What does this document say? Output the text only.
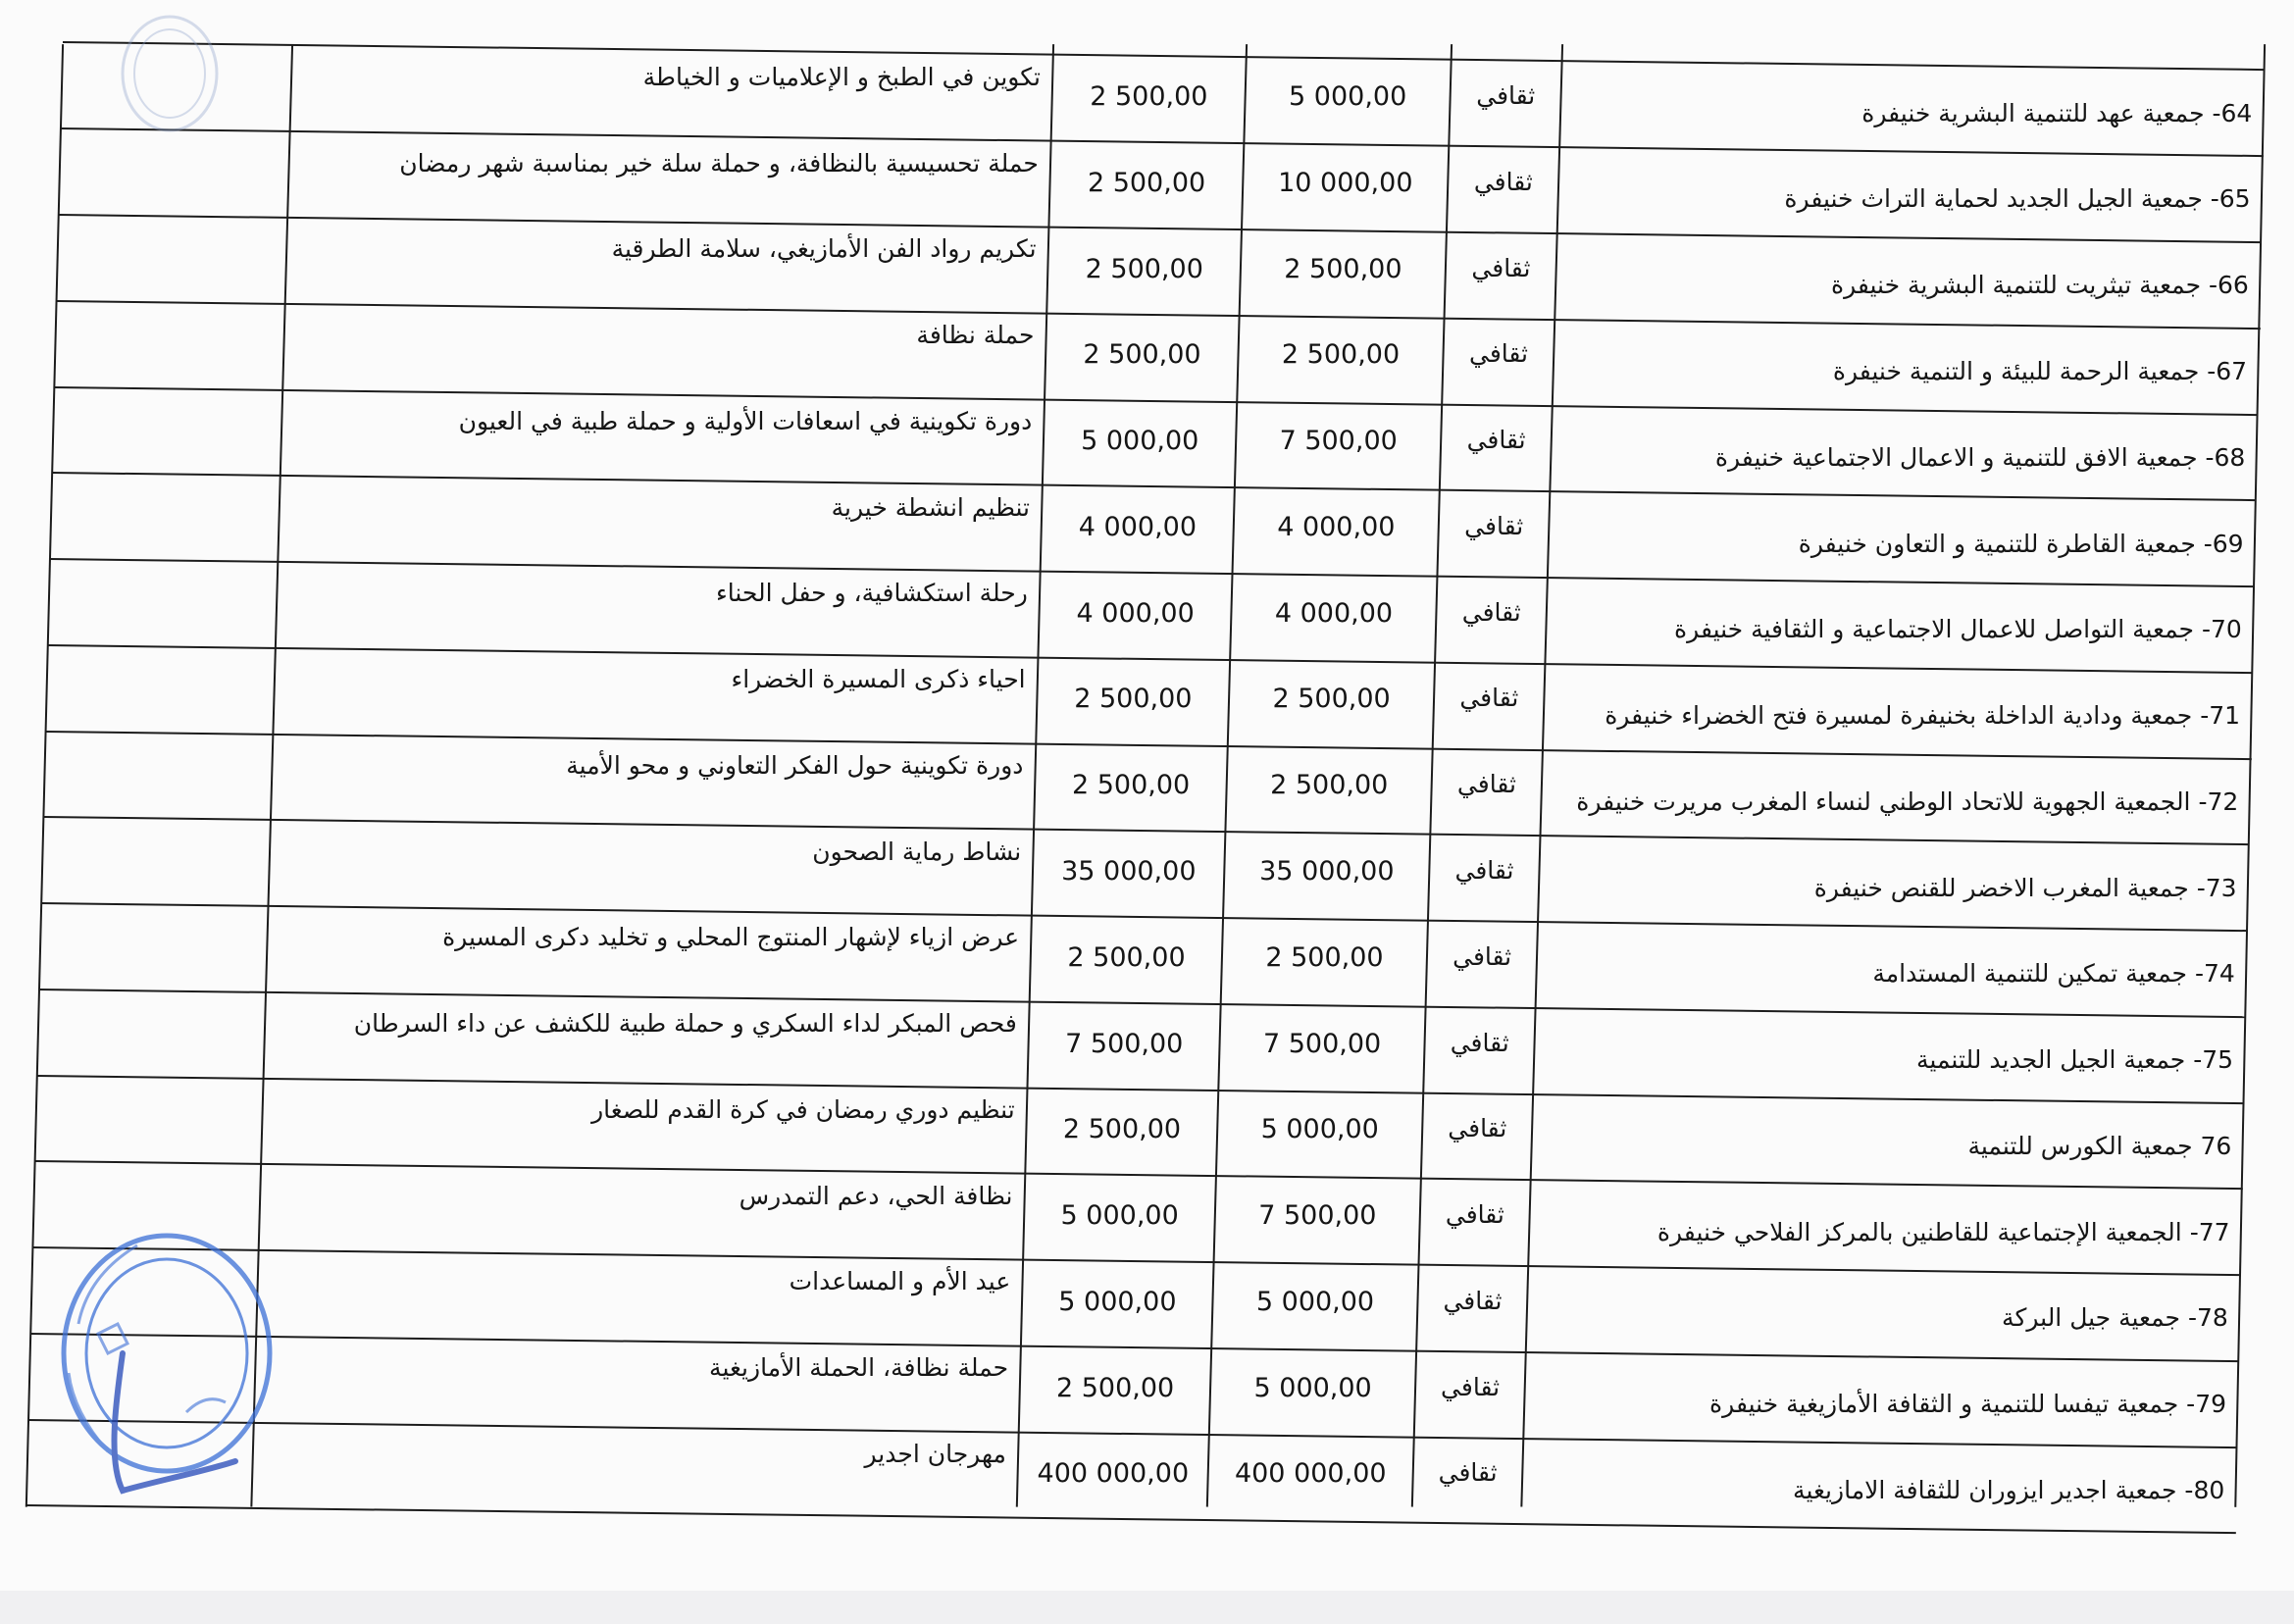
64- جمعية عهد للتنمية البشرية خنيفرة
ثقافي
5 000,00
2 500,00
تكوين في الطبخ و الإعلاميات و الخياطة
65- جمعية الجيل الجديد لحماية التراث خنيفرة
ثقافي
10 000,00
2 500,00
حملة تحسيسية بالنظافة، و حملة سلة خير بمناسبة شهر رمضان
66- جمعية تيثريت للتنمية البشرية خنيفرة
ثقافي
2 500,00
2 500,00
تكريم رواد الفن الأمازيغي، سلامة الطرقية
67- جمعية الرحمة للبيئة و التنمية خنيفرة
ثقافي
2 500,00
2 500,00
حملة نظافة
68- جمعية الافق للتنمية و الاعمال الاجتماعية خنيفرة
ثقافي
7 500,00
5 000,00
دورة تكوينية في اسعافات الأولية و حملة طبية في العيون
69- جمعية القاطرة للتنمية و التعاون خنيفرة
ثقافي
4 000,00
4 000,00
تنظيم انشطة خيرية
70- جمعية التواصل للاعمال الاجتماعية و الثقافية خنيفرة
ثقافي
4 000,00
4 000,00
رحلة استكشافية، و حفل الحناء
71- جمعية ودادية الداخلة بخنيفرة لمسيرة فتح الخضراء خنيفرة
ثقافي
2 500,00
2 500,00
احياء ذكرى المسيرة الخضراء
72- الجمعية الجهوية للاتحاد الوطني لنساء المغرب مريرت خنيفرة
ثقافي
2 500,00
2 500,00
دورة تكوينية حول الفكر التعاوني و محو الأمية
73- جمعية المغرب الاخضر للقنص خنيفرة
ثقافي
35 000,00
35 000,00
نشاط رماية الصحون
74- جمعية تمكين للتنمية المستدامة
ثقافي
2 500,00
2 500,00
عرض ازياء لإشهار المنتوج المحلي و تخليد دكرى المسيرة
75- جمعية الجيل الجديد للتنمية
ثقافي
7 500,00
7 500,00
فحص المبكر لداء السكري و حملة طبية للكشف عن داء السرطان
76 جمعية الكورس للتنمية
ثقافي
5 000,00
2 500,00
تنظيم دوري رمضان في كرة القدم للصغار
77- الجمعية الإجتماعية للقاطنين بالمركز الفلاحي خنيفرة
ثقافي
7 500,00
5 000,00
نظافة الحي، دعم التمدرس
78- جمعية جيل البركة
ثقافي
5 000,00
5 000,00
عيد الأم و المساعدات
79- جمعية تيفسا للتنمية و الثقافة الأمازيغية خنيفرة
ثقافي
5 000,00
2 500,00
حملة نظافة، الحملة الأمازيغية
80- جمعية اجدير ايزوران للثقافة الامازيغية
ثقافي
400 000,00
400 000,00
مهرجان اجدير
